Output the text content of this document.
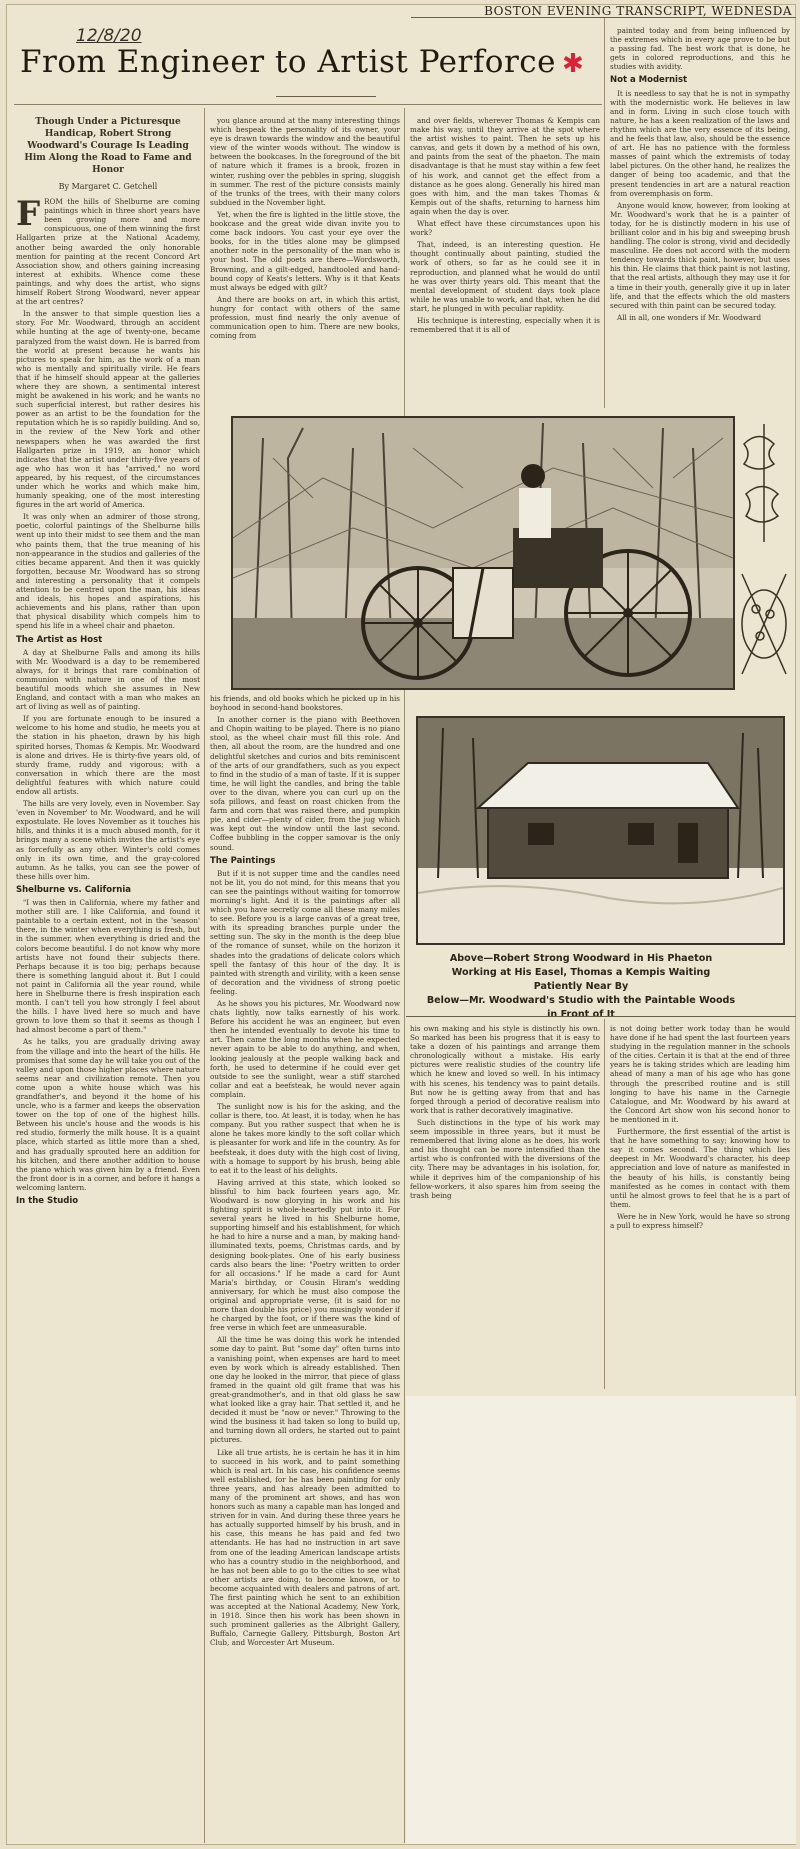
BOSTON EVENING TRANSCRIPT, WEDNESDA
12/8/20
From Engineer to Artist Perforce ✱
Though Under a Picturesque Handicap, Robert Strong Woodward's Courage Is Leading Him Along the Road to Fame and Honor
By Margaret C. Getchell

FROM the hills of Shelburne are coming paintings which in three short years have been growing more and more conspicuous, one of them winning the first Hallgarten prize at the National Academy, another being awarded the only honorable mention for painting at the recent Concord Art Association show, and others gaining increasing interest at exhibits. Whence come these paintings, and why does the artist, who signs himself Robert Strong Woodward, never appear at the art centres?

In the answer to that simple question lies a story. For Mr. Woodward, through an accident while hunting at the age of twenty-one, became paralyzed from the waist down. He is barred from the world at present because he wants his pictures to speak for him, as the work of a man who is mentally and spiritually virile. He fears that if he himself should appear at the galleries where they are shown, a sentimental interest might be awakened in his work; and he wants no such superficial interest, but rather desires his power as an artist to be the foundation for the reputation which he is so rapidly building. And so, in the review of the New York and other newspapers when he was awarded the first Hallgarten prize in 1919, an honor which indicates that the artist under thirty-five years of age who has won it has "arrived," no word appeared, by his request, of the circumstances under which he works and which make him, humanly speaking, one of the most interesting figures in the art world of America.

It was only when an admirer of those strong, poetic, colorful paintings of the Shelburne hills went up into their midst to see them and the man who paints them, that the true meaning of his non-appearance in the studios and galleries of the cities became apparent. And then it was quickly forgotten, because Mr. Woodward has so strong and interesting a personality that it compels attention to be centred upon the man, his ideas and ideals, his hopes and aspirations, his achievements and his plans, rather than upon that physical disability which compels him to spend his life in a wheel chair and phaeton.

The Artist as Host

A day at Shelburne Falls and among its hills with Mr. Woodward is a day to be remembered always, for it brings that rare combination of communion with nature in one of the most beautiful moods which she assumes in New England, and contact with a man who makes an art of living as well as of painting.

If you are fortunate enough to be insured a welcome to his home and studio, he meets you at the station in his phaeton, drawn by his high spirited horses, Thomas & Kempis. Mr. Woodward is alone and drives. He is thirty-five years old, of sturdy frame, ruddy and vigorous; with a conversation in which there are the most delightful features with which nature could endow all artists.

The hills are very lovely, even in November. Say 'even in November' to Mr. Woodward, and he will expostulate. He loves November as it touches his hills, and thinks it is a much abused month, for it brings many a scene which invites the artist's eye as forcefully as any other. Winter's cold comes only in its own time, and the gray-colored autumn. As he talks, you can see the power of these hills over him.

Shelburne vs. California

"I was then in California, where my father and mother still are. I like California, and found it paintable to a certain extent, not in the 'season' there, in the winter when everything is fresh, but in the summer, when everything is dried and the colors become beautiful. I do not know why more artists have not found their subjects there. Perhaps because it is too big; perhaps because there is something languid about it. But I could not paint in California all the year round, while here in Shelburne there is fresh inspiration each month. I can't tell you how strongly I feel about the hills. I have lived here so much and have grown to love them so that it seems as though I had almost become a part of them."

As he talks, you are gradually driving away from the village and into the heart of the hills. He promises that some day he will take you out of the valley and upon those higher places where nature seems near and civilization remote. Then you come upon a white house which was his grandfather's, and beyond it the home of his uncle, who is a farmer and keeps the observation tower on the top of one of the highest hills. Between his uncle's house and the woods is his red studio, formerly the milk house. It is a quaint place, which started as little more than a shed, and has gradually sprouted here an addition for his kitchen, and there another addition to house the piano which was given him by a friend. Even the front door is in a corner, and before it hangs a welcoming lantern.

In the Studio

you glance around at the many interesting things which bespeak the personality of its owner, your eye is drawn towards the window and the beautiful view of the winter woods without. The window is between the bookcases. In the foreground of the bit of nature which it frames is a brook, frozen in winter, rushing over the pebbles in spring, sluggish in summer. The rest of the picture consists mainly of the trunks of the trees, with their many colors subdued in the November light.

Yet, when the fire is lighted in the little stove, the bookcase and the great wide divan invite you to come back indoors. You cast your eye over the books, for in the titles alone may be glimpsed another note in the personality of the man who is your host. The old poets are there—Wordsworth, Browning, and a gilt-edged, handtooled and hand-bound copy of Keats's letters. Why is it that Keats must always be edged with gilt?

And there are books on art, in which this artist, hungry for contact with others of the same profession, must find nearly the only avenue of communication open to him. There are new books, coming from

and over fields, wherever Thomas & Kempis can make his way, until they arrive at the spot where the artist wishes to paint. Then he sets up his canvas, and gets it down by a method of his own, and paints from the seat of the phaeton. The main disadvantage is that he must stay within a few feet of his work, and cannot get the effect from a distance as he goes along. Generally his hired man goes with him, and the man takes Thomas & Kempis out of the shafts, returning to harness him again when the day is over.

What effect have these circumstances upon his work?

That, indeed, is an interesting question. He thought continually about painting, studied the work of others, so far as he could see it in reproduction, and planned what he would do until he was over thirty years old. This meant that the mental development of student days took place while he was unable to work, and that, when he did start, he plunged in with peculiar rapidity.

His technique is interesting, especially when it is remembered that it is all of

painted today and from being influenced by the extremes which in every age prove to be but a passing fad. The best work that is done, he gets in colored reproductions, and this he studies with avidity.

Not a Modernist

It is needless to say that he is not in sympathy with the modernistic work. He believes in law and in form. Living in such close touch with nature, he has a keen realization of the laws and rhythm which are the very essence of its being, and he feels that law, also, should be the essence of art. He has no patience with the formless masses of paint which the extremists of today label pictures. On the other hand, he realizes the danger of being too academic, and that the present tendencies in art are a natural reaction from overemphasis on form.

Anyone would know, however, from looking at Mr. Woodward's work that he is a painter of today, for he is distinctly modern in his use of brilliant color and in his big and sweeping brush handling. The color is strong, vivid and decidedly masculine. He does not accord with the modern tendency towards thick paint, however, but uses his thin. He claims that thick paint is not lasting, that the real artists, although they may use it for a time in their youth, generally give it up in later life, and that the effects which the old masters secured with thin paint can be secured today.

All in all, one wonders if Mr. Woodward

Above—Robert Strong Woodward in His Phaeton Working at His Easel, Thomas a Kempis Waiting Patiently Near By
Below—Mr. Woodward's Studio with the Paintable Woods in Front of It

his friends, and old books which he picked up in his boyhood in second-hand bookstores.

In another corner is the piano with Beethoven and Chopin waiting to be played. There is no piano stool, as the wheel chair must fill this role. And then, all about the room, are the hundred and one delightful sketches and curios and bits reminiscent of the arts of our grandfathers, such as you expect to find in the studio of a man of taste. If it is supper time, he will light the candles, and bring the table over to the divan, where you can curl up on the sofa pillows, and feast on roast chicken from the farm and corn that was raised there, and pumpkin pie, and cider—plenty of cider, from the jug which was kept out the window until the last second. Coffee bubbling in the copper samovar is the only sound.

The Paintings

But if it is not supper time and the candles need not be lit, you do not mind, for this means that you can see the paintings without waiting for tomorrow morning's light. And it is the paintings after all which you have secretly come all these many miles to see. Before you is a large canvas of a great tree, with its spreading branches purple under the setting sun. The sky in the month is the deep blue of the romance of sunset, while on the horizon it shades into the gradations of delicate colors which spell the fantasy of this hour of the day. It is painted with strength and virility, with a keen sense of decoration and the vividness of strong poetic feeling.

As he shows you his pictures, Mr. Woodward now chats lightly, now talks earnestly of his work. Before his accident he was an engineer, but even then he intended eventually to devote his time to art. Then came the long months when he expected never again to be able to do anything, and when, looking jealously at the people walking back and forth, he used to determine if he could ever get outside to see the sunlight, wear a stiff starched collar and eat a beefsteak, he would never again complain.

The sunlight now is his for the asking, and the collar is there, too. At least, it is today, when he has company. But you rather suspect that when he is alone he takes more kindly to the soft collar which is pleasanter for work and life in the country. As for beefsteak, it does duty with the high cost of living, with a homage to support by his brush, being able to eat it to the least of his delights.

Having arrived at this state, which looked so blissful to him back fourteen years ago, Mr. Woodward is now glorying in his work and his fighting spirit is whole-heartedly put into it. For several years he lived in his Shelburne home, supporting himself and his establishment, for which he had to hire a nurse and a man, by making hand-illuminated texts, poems, Christmas cards, and by designing book-plates. One of his early business cards also bears the line: "Poetry written to order for all occasions." If he made a card for Aunt Maria's birthday, or Cousin Hiram's wedding anniversary, for which he must also compose the original and appropriate verse, (it is said for no more than double his price) you musingly wonder if he charged by the foot, or if there was the kind of free verse in which feet are unmeasurable.

All the time he was doing this work he intended some day to paint. But "some day" often turns into a vanishing point, when expenses are hard to meet even by work which is already established. Then one day he looked in the mirror, that piece of glass framed in the quaint old gilt frame that was his great-grandmother's, and in that old glass he saw what looked like a gray hair. That settled it, and he decided it must be "now or never." Throwing to the wind the business it had taken so long to build up, and turning down all orders, he started out to paint pictures.

Like all true artists, he is certain he has it in him to succeed in his work, and to paint something which is real art. In his case, his confidence seems well established, for he has been painting for only three years, and has already been admitted to many of the prominent art shows, and has won honors such as many a capable man has longed and striven for in vain. And during these three years he has actually supported himself by his brush, and in his case, this means he has paid and fed two attendants. He has had no instruction in art save from one of the leading American landscape artists who has a country studio in the neighborhood, and he has not been able to go to the cities to see what other artists are doing, to become known, or to become acquainted with dealers and patrons of art. The first painting which he sent to an exhibition was accepted at the National Academy, New York, in 1918. Since then his work has been shown in such prominent galleries as the Albright Gallery, Buffalo, Carnegie Gallery, Pittsburgh, Boston Art Club, and Worcester Art Museum.

his own making and his style is distinctly his own. So marked has been his progress that it is easy to take a dozen of his paintings and arrange them chronologically without a mistake. His early pictures were realistic studies of the country life which he knew and loved so well. In his intimacy with his scenes, his tendency was to paint details. But now he is getting away from that and has forged through a period of decorative realism into work that is rather decoratively imaginative.

Such distinctions in the type of his work may seem impossible in three years, but it must be remembered that living alone as he does, his work and his thought can be more intensified than the artist who is confronted with the diversions of the city. There may be advantages in his isolation, for, while it deprives him of the companionship of his fellow-workers, it also spares him from seeing the trash being

is not doing better work today than he would have done if he had spent the last fourteen years studying in the regulation manner in the schools of the cities. Certain it is that at the end of three years he is taking strides which are leading him ahead of many a man of his age who has gone through the prescribed routine and is still longing to have his name in the Carnegie Catalogue, and Mr. Woodward by his award at the Concord Art show won his second honor to be mentioned in it.

Furthermore, the first essential of the artist is that he have something to say; knowing how to say it comes second. The thing which lies deepest in Mr. Woodward's character, his deep appreciation and love of nature as manifested in the beauty of his hills, is constantly being manifested as he comes in contact with them until he almost grows to feel that he is a part of them.

Were he in New York, would he have so strong a pull to express himself?
